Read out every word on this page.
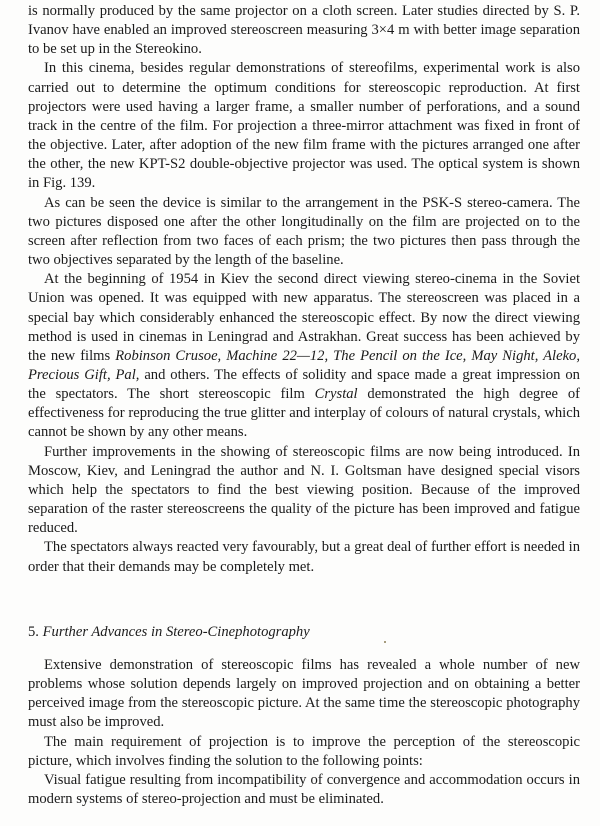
is normally produced by the same projector on a cloth screen. Later studies directed by S. P. Ivanov have enabled an improved stereoscreen measuring 3×4 m with better image separation to be set up in the Stereokino.

In this cinema, besides regular demonstrations of stereofilms, experimental work is also carried out to determine the optimum conditions for stereoscopic reproduction. At first projectors were used having a larger frame, a smaller number of perforations, and a sound track in the centre of the film. For projection a three-mirror attachment was fixed in front of the objective. Later, after adoption of the new film frame with the pictures arranged one after the other, the new KPT-S2 double-objective projector was used. The optical system is shown in Fig. 139.

As can be seen the device is similar to the arrangement in the PSK-S stereo-camera. The two pictures disposed one after the other longitudinally on the film are projected on to the screen after reflection from two faces of each prism; the two pictures then pass through the two objectives separated by the length of the baseline.

At the beginning of 1954 in Kiev the second direct viewing stereo-cinema in the Soviet Union was opened. It was equipped with new apparatus. The stereoscreen was placed in a special bay which considerably enhanced the stereoscopic effect. By now the direct viewing method is used in cinemas in Leningrad and Astrakhan. Great success has been achieved by the new films Robinson Crusoe, Machine 22—12, The Pencil on the Ice, May Night, Aleko, Precious Gift, Pal, and others. The effects of solidity and space made a great impression on the spectators. The short stereoscopic film Crystal demonstrated the high degree of effectiveness for reproducing the true glitter and interplay of colours of natural crystals, which cannot be shown by any other means.

Further improvements in the showing of stereoscopic films are now being introduced. In Moscow, Kiev, and Leningrad the author and N. I. Goltsman have designed special visors which help the spectators to find the best viewing position. Because of the improved separation of the raster stereoscreens the quality of the picture has been improved and fatigue reduced.

The spectators always reacted very favourably, but a great deal of further effort is needed in order that their demands may be completely met.

5. Further Advances in Stereo-Cinephotography

Extensive demonstration of stereoscopic films has revealed a whole number of new problems whose solution depends largely on improved projection and on obtaining a better perceived image from the stereoscopic picture. At the same time the stereoscopic photography must also be improved.

The main requirement of projection is to improve the perception of the stereoscopic picture, which involves finding the solution to the following points:

Visual fatigue resulting from incompatibility of convergence and accommodation occurs in modern systems of stereo-projection and must be eliminated.
